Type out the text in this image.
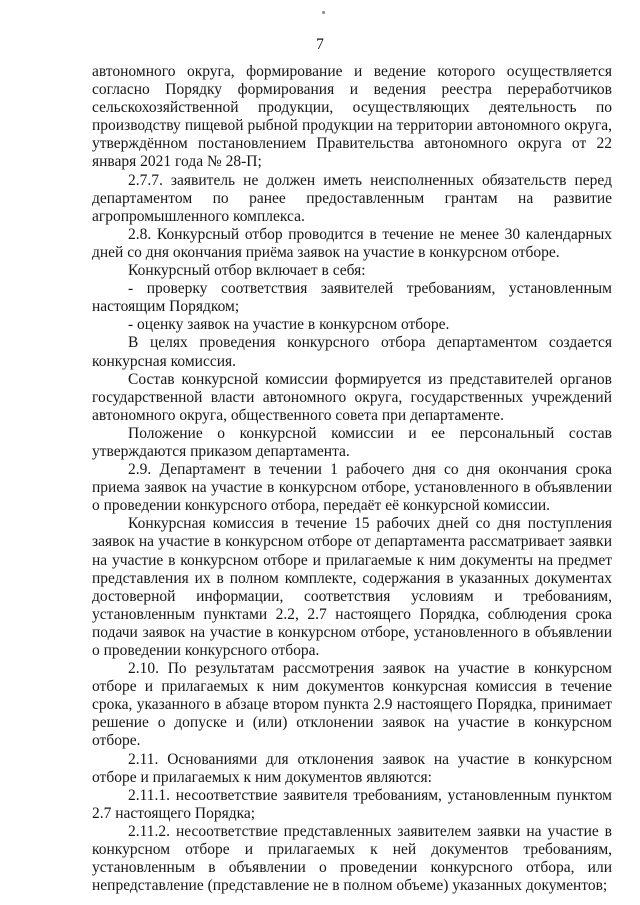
7

автономного округа, формирование и ведение которого осуществляется согласно Порядку формирования и ведения реестра переработчиков сельскохозяйственной продукции, осуществляющих деятельность по производству пищевой рыбной продукции на территории автономного округа, утверждённом постановлением Правительства автономного округа от 22 января 2021 года № 28-П;

2.7.7. заявитель не должен иметь неисполненных обязательств перед департаментом по ранее предоставленным грантам на развитие агропромышленного комплекса.

2.8. Конкурсный отбор проводится в течение не менее 30 календарных дней со дня окончания приёма заявок на участие в конкурсном отборе.

Конкурсный отбор включает в себя:

- проверку соответствия заявителей требованиям, установленным настоящим Порядком;

- оценку заявок на участие в конкурсном отборе.

В целях проведения конкурсного отбора департаментом создается конкурсная комиссия.

Состав конкурсной комиссии формируется из представителей органов государственной власти автономного округа, государственных учреждений автономного округа, общественного совета при департаменте.

Положение о конкурсной комиссии и ее персональный состав утверждаются приказом департамента.

2.9. Департамент в течении 1 рабочего дня со дня окончания срока приема заявок на участие в конкурсном отборе, установленного в объявлении о проведении конкурсного отбора, передаёт её конкурсной комиссии.

Конкурсная комиссия в течение 15 рабочих дней со дня поступления заявок на участие в конкурсном отборе от департамента рассматривает заявки на участие в конкурсном отборе и прилагаемые к ним документы на предмет представления их в полном комплекте, содержания в указанных документах достоверной информации, соответствия условиям и требованиям, установленным пунктами 2.2, 2.7 настоящего Порядка, соблюдения срока подачи заявок на участие в конкурсном отборе, установленного в объявлении о проведении конкурсного отбора.

2.10. По результатам рассмотрения заявок на участие в конкурсном отборе и прилагаемых к ним документов конкурсная комиссия в течение срока, указанного в абзаце втором пункта 2.9 настоящего Порядка, принимает решение о допуске и (или) отклонении заявок на участие в конкурсном отборе.

2.11. Основаниями для отклонения заявок на участие в конкурсном отборе и прилагаемых к ним документов являются:

2.11.1. несоответствие заявителя требованиям, установленным пунктом 2.7 настоящего Порядка;

2.11.2. несоответствие представленных заявителем заявки на участие в конкурсном отборе и прилагаемых к ней документов требованиям, установленным в объявлении о проведении конкурсного отбора, или непредставление (представление не в полном объеме) указанных документов;
